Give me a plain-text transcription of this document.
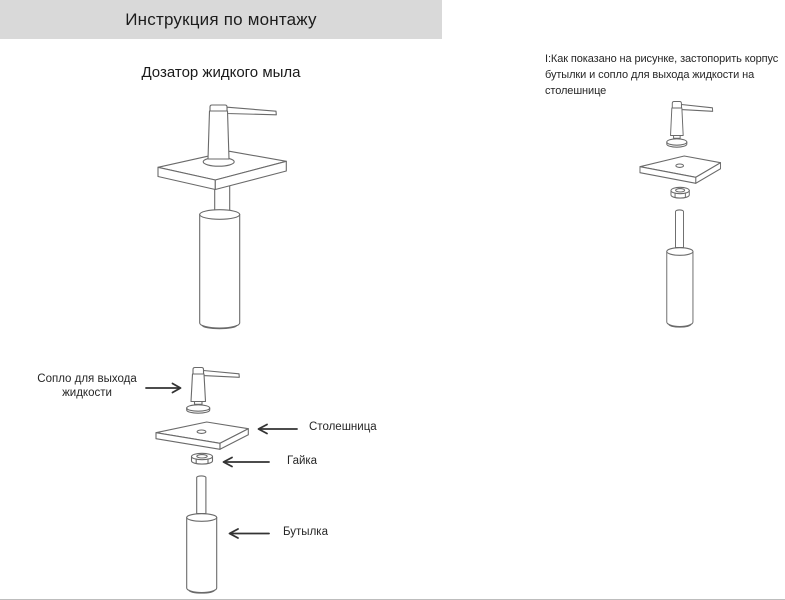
Инструкция по монтажу
Дозатор жидкого мыла

I:Как показано на рисунке, застопорить корпус бутылки и сопло для выхода жидкости на столешнице

Сопло для выхода жидкости
Столешница
Гайка
Бутылка
